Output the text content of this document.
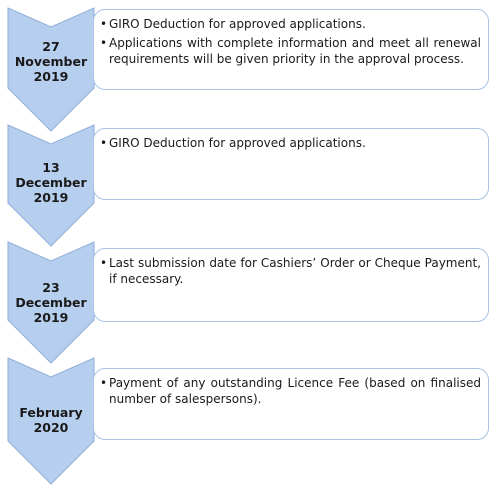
27
November
2019
• GIRO Deduction for approved applications.
• Applications with complete information and meet all renewal requirements will be given priority in the approval process.
13
December
2019
• GIRO Deduction for approved applications.
23
December
2019
• Last submission date for Cashiers’ Order or Cheque Payment, if necessary.
February
2020
• Payment of any outstanding Licence Fee (based on finalised number of salespersons).
